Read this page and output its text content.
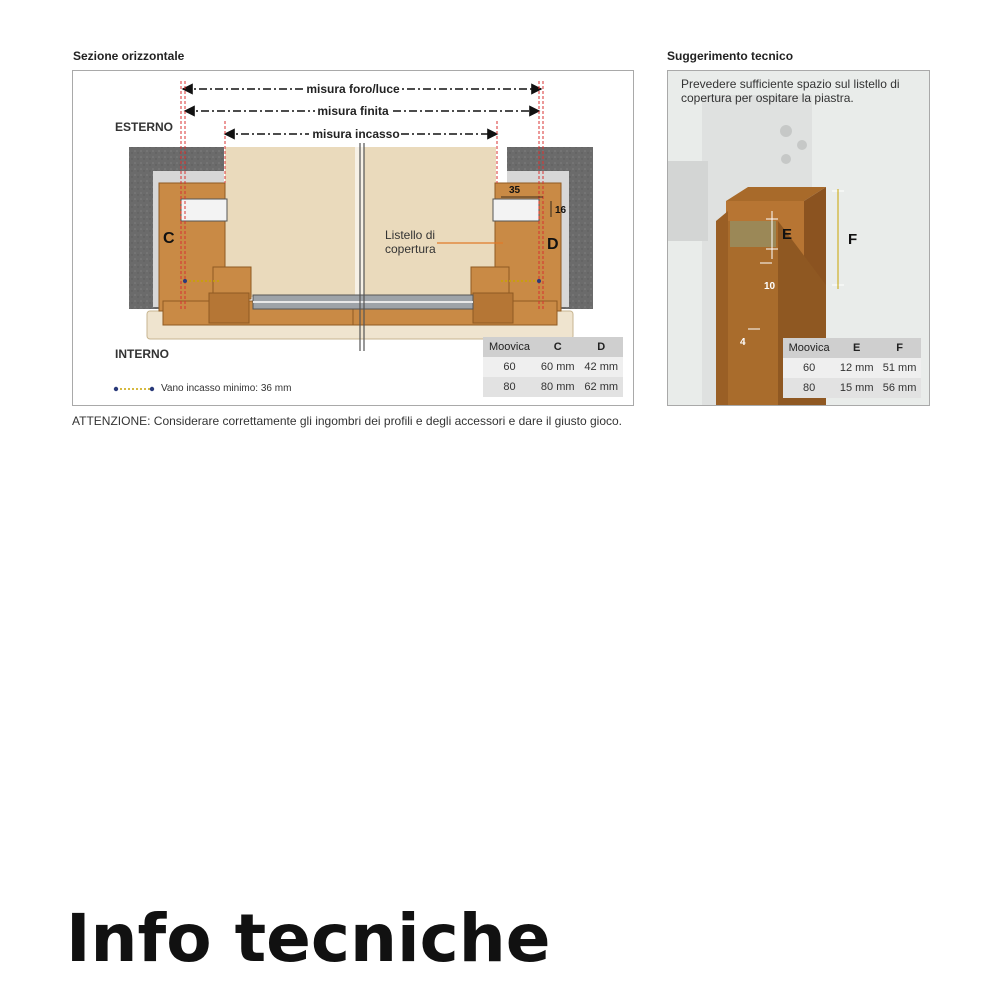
Sezione orizzontale	Suggerimento tecnico
misura foro/luce
misura finita
misura incasso
ESTERNO
INTERNO
C	D
35
16
Listello di
copertura
Moovica	C	D
60	60 mm	42 mm
80	80 mm	62 mm
Vano incasso minimo: 36 mm
E	F
10
4
Prevedere sufficiente spazio sul listello di copertura per ospitare la piastra.
Moovica	E	F
60	12 mm	51 mm
80	15 mm	56 mm
ATTENZIONE: Considerare correttamente gli ingombri dei profili e degli accessori e dare il giusto gioco.
Info tecniche
